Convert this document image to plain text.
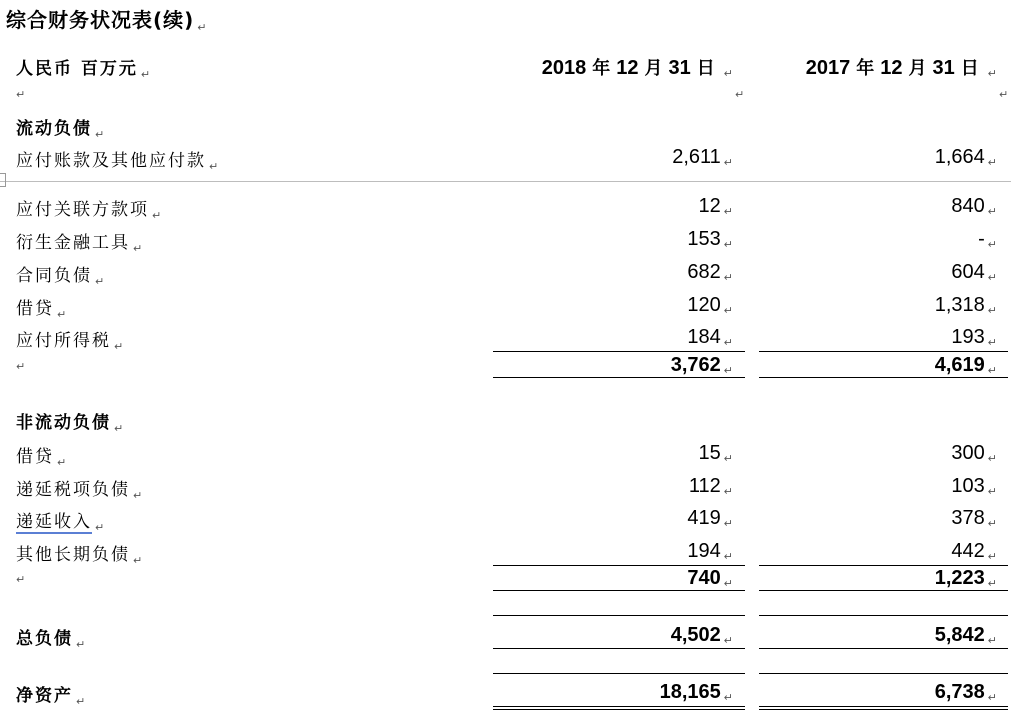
综合财务状况表(续) $_↵$
人民币 百万元 $_↵$	2018 年 12 月 31 日 ↵	2017 年 12 月 31 日 ↵
↵	↵	↵
流动负债 $_↵$
应付账款及其他应付款 $_↵$	2,611 ↵	1,664 ↵
应付关联方款项 $_↵$	12 ↵	840 ↵
衍生金融工具 $_↵$	153 ↵	- ↵
合同负债 $_↵$	682 ↵	604 ↵
借贷 $_↵$	120 ↵	1,318 ↵
应付所得税 $_↵$	184 ↵	193 ↵
↵	3,762 ↵	4,619 ↵
非流动负债 $_↵$
借贷 $_↵$	15 ↵	300 ↵
递延税项负债 $_↵$	112 ↵	103 ↵
递延收入 $_↵$	419 ↵	378 ↵
其他长期负债 $_↵$	194 ↵	442 ↵
↵	740 ↵	1,223 ↵
总负债 $_↵$	4,502 ↵	5,842 ↵
净资产 $_↵$	18,165 ↵	6,738 ↵
